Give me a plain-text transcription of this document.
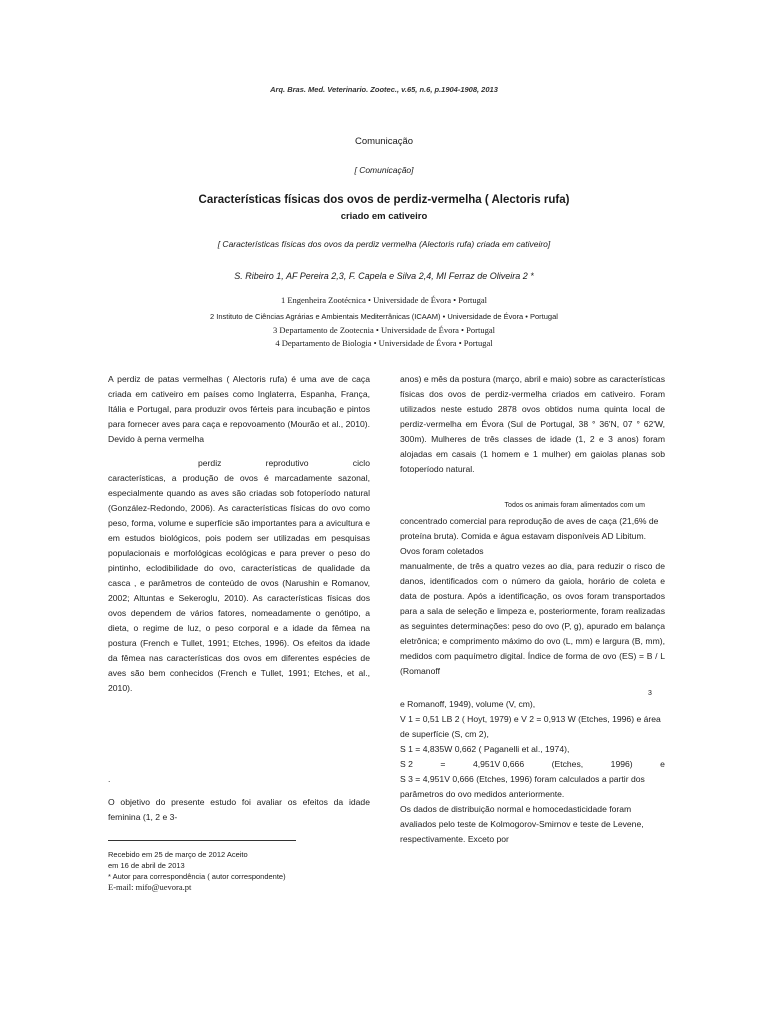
Arq. Bras. Med. Veterinario. Zootec., v.65, n.6, p.1904-1908, 2013
Comunicação
[ Comunicação]
Características físicas dos ovos de perdiz-vermelha ( Alectoris rufa)
criado em cativeiro
[ Características físicas dos ovos da perdiz vermelha (Alectoris rufa) criada em cativeiro]
S. Ribeiro 1, AF Pereira 2,3, F. Capela e Silva 2,4, MI Ferraz de Oliveira 2 *
1 Engenheira Zootécnica • Universidade de Évora • Portugal
2 Instituto de Ciências Agrárias e Ambientais Mediterrânicas (ICAAM) • Universidade de Évora • Portugal
3 Departamento de Zootecnia • Universidade de Évora • Portugal
4 Departamento de Biologia • Universidade de Évora • Portugal

A perdiz de patas vermelhas ( Alectoris rufa) é uma ave de caça criada em cativeiro em países como Inglaterra, Espanha, França, Itália e Portugal, para produzir ovos férteis para incubação e pintos para fornecer aves para caça e repovoamento (Mourão et al., 2010). Devido à perna vermelha

perdiz	reprodutivo	ciclo

características, a produção de ovos é marcadamente sazonal, especialmente quando as aves são criadas sob fotoperíodo natural (González-Redondo, 2006). As características físicas do ovo como peso, forma, volume e superfície são importantes para a avicultura e em estudos biológicos, pois podem ser utilizadas em pesquisas populacionais e morfológicas ecológicas e para prever o peso do pintinho, eclodibilidade do ovo, características de qualidade da casca , e parâmetros de conteúdo de ovos (Narushin e Romanov, 2002; Altuntas e Sekeroglu, 2010). As características físicas dos ovos dependem de vários fatores, nomeadamente o genótipo, a dieta, o regime de luz, o peso corporal e a idade da fêmea na postura (French e Tullet, 1991; Etches, 1996). Os efeitos da idade da fêmea nas características dos ovos em diferentes espécies de aves são bem conhecidos (French e Tullet, 1991; Etches, et al., 2010).

.
O objetivo do presente estudo foi avaliar os efeitos da idade feminina (1, 2 e 3-

anos) e mês da postura (março, abril e maio) sobre as características físicas dos ovos de perdiz-vermelha criados em cativeiro. Foram utilizados neste estudo 2878 ovos obtidos numa quinta local de perdiz-vermelha em Évora (Sul de Portugal, 38 ° 36'N, 07 ° 62'W, 300m). Mulheres de três classes de idade (1, 2 e 3 anos) foram alojadas em casais (1 homem e 1 mulher) em gaiolas planas sob fotoperíodo natural.

Todos os animais foram alimentados com um
concentrado comercial para reprodução de aves de caça (21,6% de proteína bruta). Comida e água estavam disponíveis AD Libitum. Ovos foram coletados
manualmente, de três a quatro vezes ao dia, para reduzir o risco de danos, identificados com o número da gaiola, horário de coleta e data de postura. Após a identificação, os ovos foram transportados para a sala de seleção e limpeza e, posteriormente, foram realizadas as seguintes determinações: peso do ovo (P, g), apurado em balança eletrônica; e comprimento máximo do ovo (L, mm) e largura (B, mm), medidos com paquímetro digital. Índice de forma de ovo (ES) = B / L (Romanoff
3
e Romanoff, 1949), volume (V, cm),
V 1 = 0,51 LB 2 ( Hoyt, 1979) e V 2 = 0,913 W (Etches, 1996) e área de superfície (S, cm 2),
S 1 = 4,835W 0,662 ( Paganelli et al., 1974),
S 2	=	4,951V 0,666	(Etches,	1996)	e
S 3 = 4,951V 0,666 (Etches, 1996) foram calculados a partir dos parâmetros do ovo medidos anteriormente.
Os dados de distribuição normal e homocedasticidade foram avaliados pelo teste de Kolmogorov-Smirnov e teste de Levene, respectivamente. Exceto por
Recebido em 25 de março de 2012 Aceito
em 16 de abril de 2013
* Autor para correspondência ( autor correspondente)
E-mail: mifo@uevora.pt
